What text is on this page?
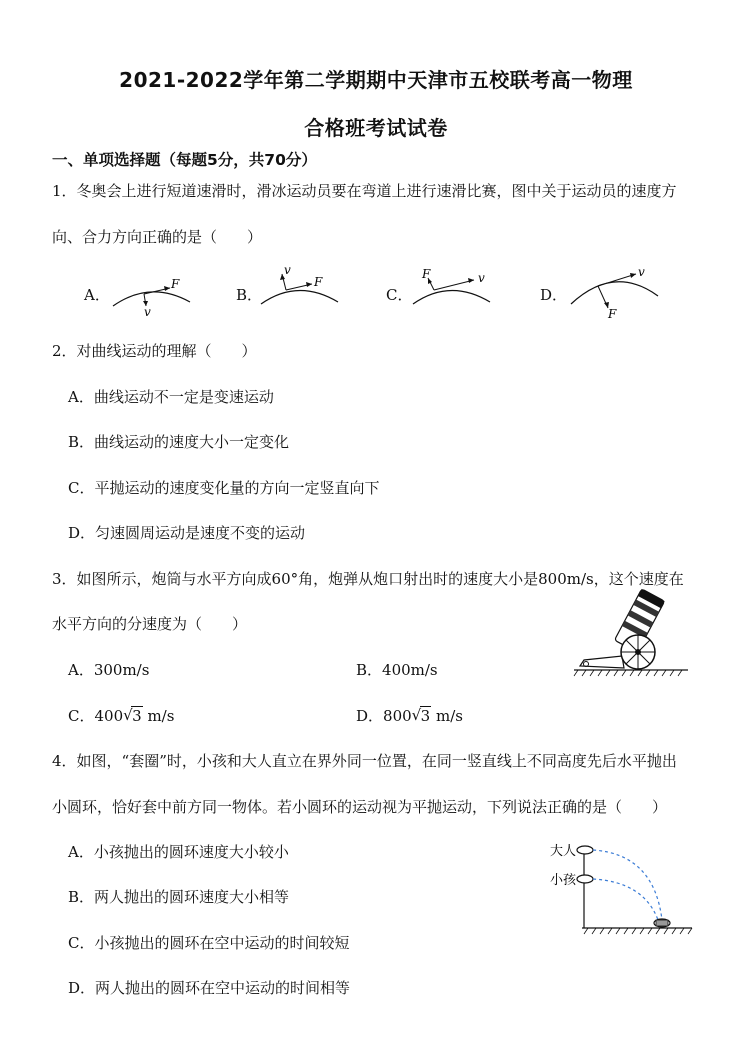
2021-2022学年第二学期期中天津市五校联考高一物理
合格班考试试卷
一、单项选择题（每题5分，共70分）
1．冬奥会上进行短道速滑时，滑冰运动员要在弯道上进行速滑比赛，图中关于运动员的速度方
向、合力方向正确的是（　　）
A．
F
v
B．
v
F
C．
F	v
D．
v
F
2．对曲线运动的理解（　　）
A．曲线运动不一定是变速运动
B．曲线运动的速度大小一定变化
C．平抛运动的速度变化量的方向一定竖直向下
D．匀速圆周运动是速度不变的运动
3．如图所示，炮筒与水平方向成60°角，炮弹从炮口射出时的速度大小是800m/s，这个速度在
水平方向的分速度为（　　）
A．300m/s	B．400m/s
C．400 √ 3 m/s	D．800 √ 3 m/s
4．如图，“套圈”时，小孩和大人直立在界外同一位置，在同一竖直线上不同高度先后水平抛出
小圆环，恰好套中前方同一物体。若小圆环的运动视为平抛运动，下列说法正确的是（　　）
A．小孩抛出的圆环速度大小较小
B．两人抛出的圆环速度大小相等
C．小孩抛出的圆环在空中运动的时间较短
D．两人抛出的圆环在空中运动的时间相等
大人
小孩
